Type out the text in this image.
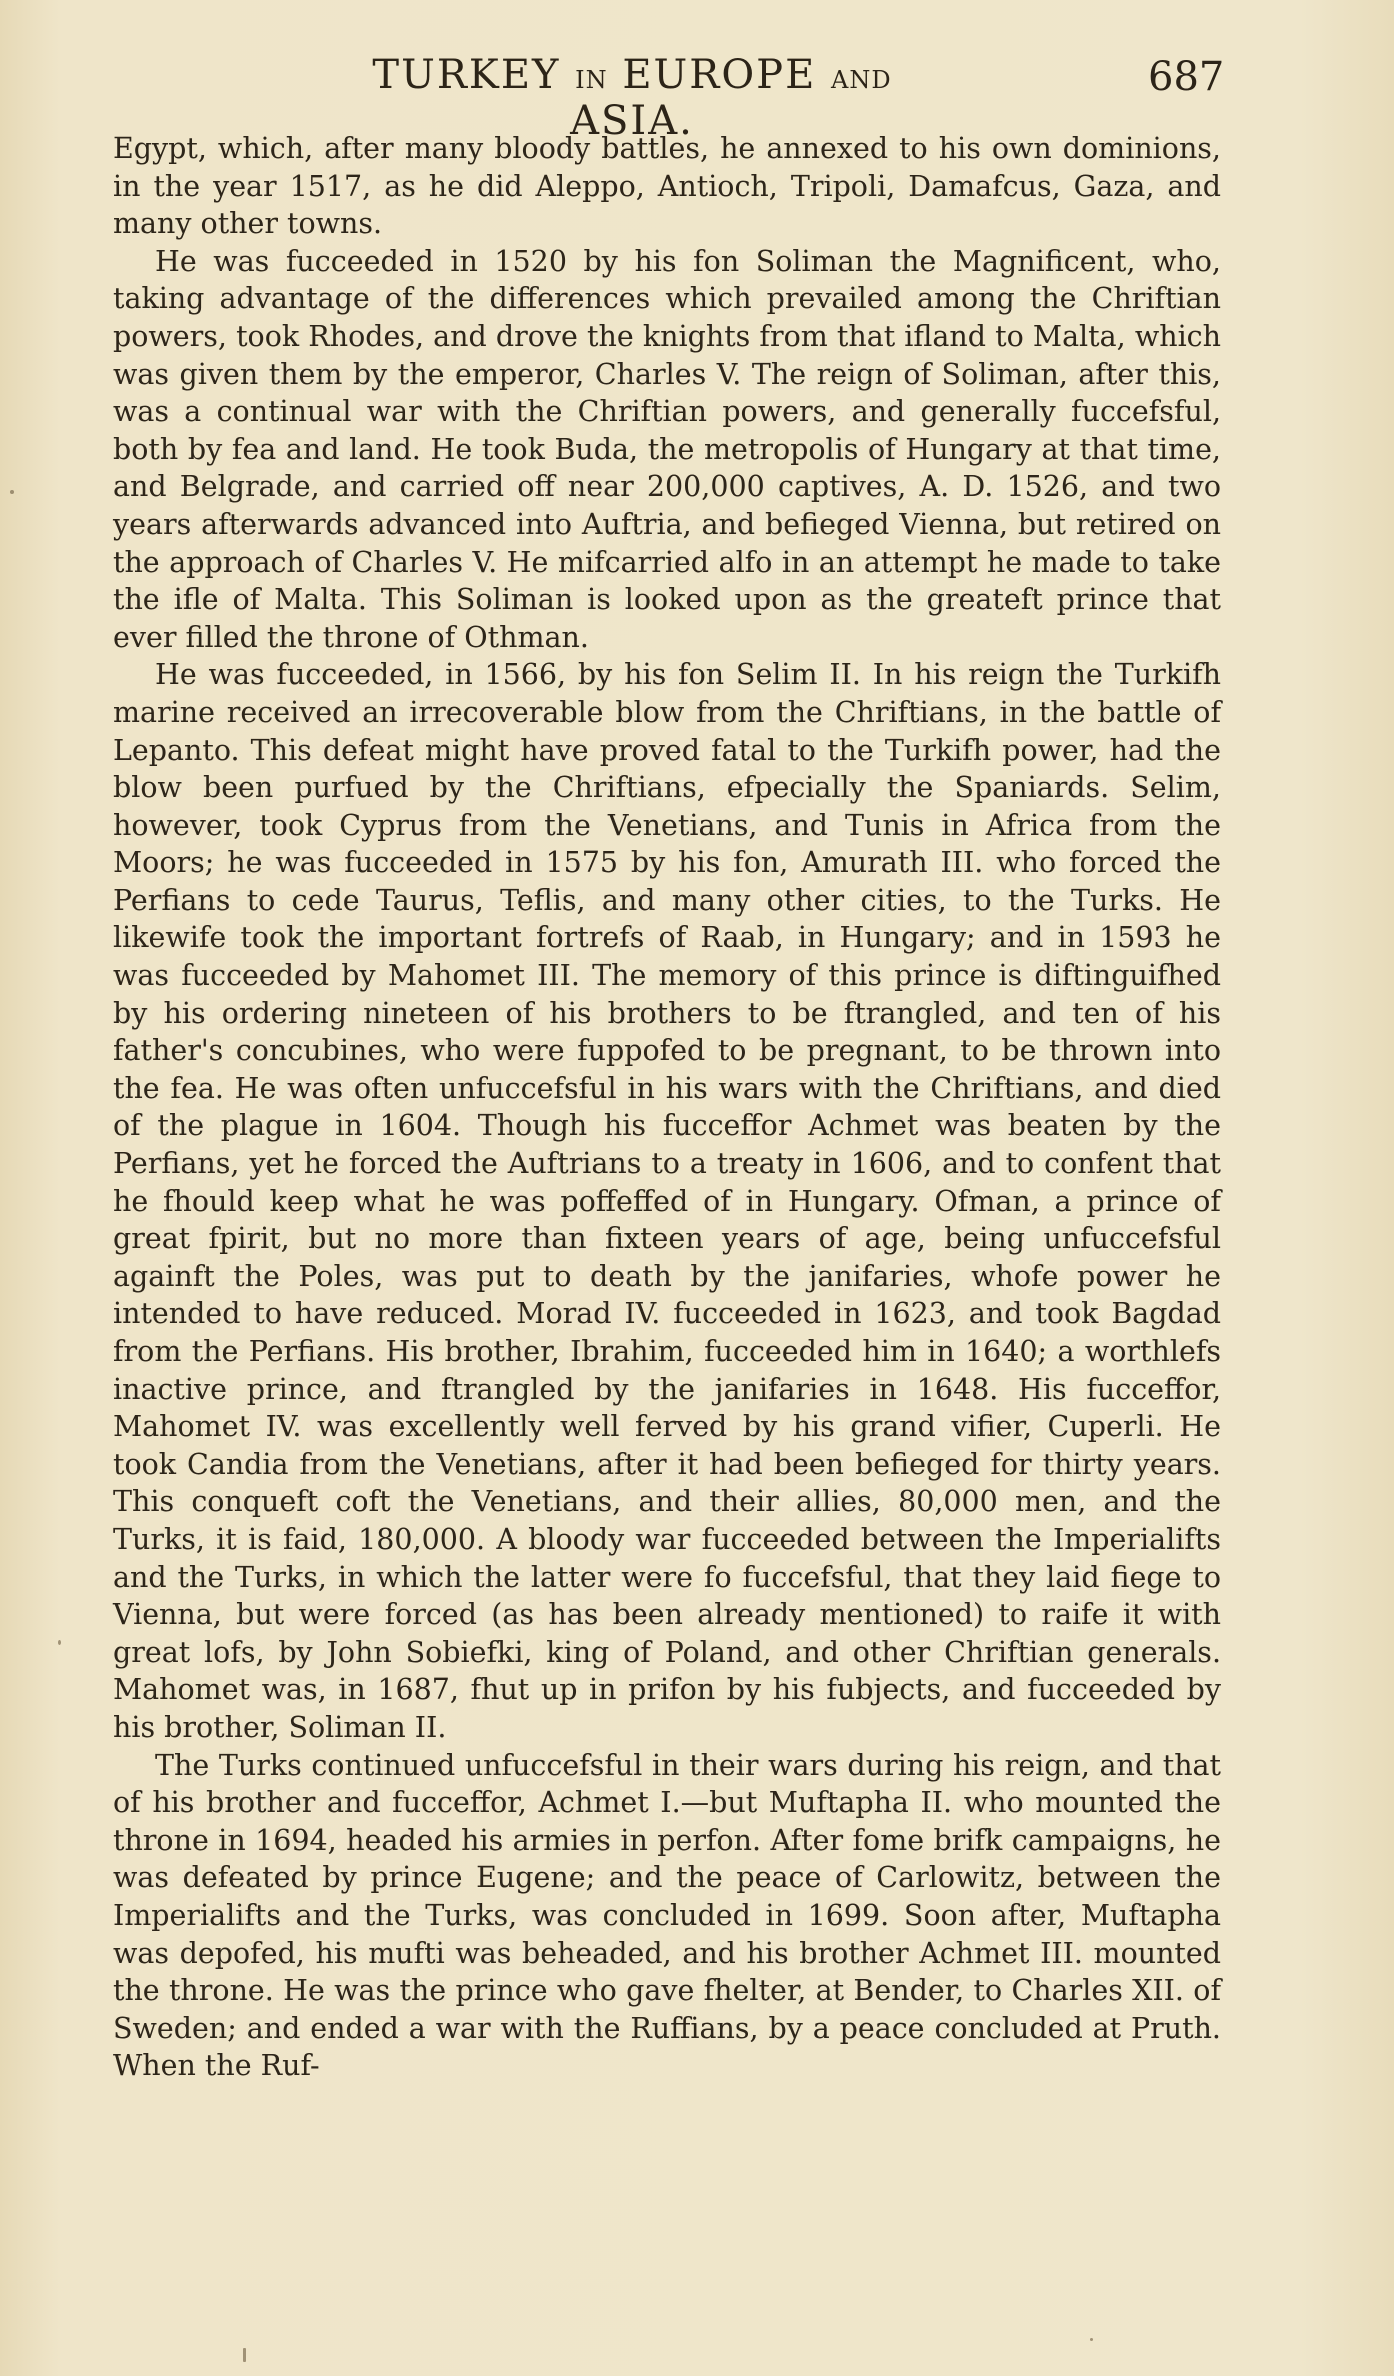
TURKEY IN EUROPE AND ASIA.
687

Egypt, which, after many bloody battles, he annexed to his own dominions, in the year 1517, as he did Aleppo, Antioch, Tripoli, Damafcus, Gaza, and many other towns.

He was fucceeded in 1520 by his fon Soliman the Magnificent, who, taking advantage of the differences which prevailed among the Chriftian powers, took Rhodes, and drove the knights from that ifland to Malta, which was given them by the emperor, Charles V. The reign of Soliman, after this, was a continual war with the Chriftian powers, and generally fuccefsful, both by fea and land. He took Buda, the metropolis of Hungary at that time, and Belgrade, and carried off near 200,000 captives, A. D. 1526, and two years afterwards advanced into Auftria, and befieged Vienna, but retired on the approach of Charles V. He mifcarried alfo in an attempt he made to take the ifle of Malta. This Soliman is looked upon as the greateft prince that ever filled the throne of Othman.

He was fucceeded, in 1566, by his fon Selim II. In his reign the Turkifh marine received an irrecoverable blow from the Chriftians, in the battle of Lepanto. This defeat might have proved fatal to the Turkifh power, had the blow been purfued by the Chriftians, efpecially the Spaniards. Selim, however, took Cyprus from the Venetians, and Tunis in Africa from the Moors; he was fucceeded in 1575 by his fon, Amurath III. who forced the Perfians to cede Taurus, Teflis, and many other cities, to the Turks. He likewife took the important fortrefs of Raab, in Hungary; and in 1593 he was fucceeded by Mahomet III. The memory of this prince is diftinguifhed by his ordering nineteen of his brothers to be ftrangled, and ten of his father's concubines, who were fuppofed to be pregnant, to be thrown into the fea. He was often unfuccefsful in his wars with the Chriftians, and died of the plague in 1604. Though his fucceffor Achmet was beaten by the Perfians, yet he forced the Auftrians to a treaty in 1606, and to confent that he fhould keep what he was poffeffed of in Hungary. Ofman, a prince of great fpirit, but no more than fixteen years of age, being unfuccefsful againft the Poles, was put to death by the janifaries, whofe power he intended to have reduced. Morad IV. fucceeded in 1623, and took Bagdad from the Perfians. His brother, Ibrahim, fucceeded him in 1640; a worthlefs inactive prince, and ftrangled by the janifaries in 1648. His fucceffor, Mahomet IV. was excellently well ferved by his grand vifier, Cuperli. He took Candia from the Venetians, after it had been befieged for thirty years. This conqueft coft the Venetians, and their allies, 80,000 men, and the Turks, it is faid, 180,000. A bloody war fucceeded between the Imperialifts and the Turks, in which the latter were fo fuccefsful, that they laid fiege to Vienna, but were forced (as has been already mentioned) to raife it with great lofs, by John Sobiefki, king of Poland, and other Chriftian generals. Mahomet was, in 1687, fhut up in prifon by his fubjects, and fucceeded by his brother, Soliman II.

The Turks continued unfuccefsful in their wars during his reign, and that of his brother and fucceffor, Achmet I.—but Muftapha II. who mounted the throne in 1694, headed his armies in perfon. After fome brifk campaigns, he was defeated by prince Eugene; and the peace of Carlowitz, between the Imperialifts and the Turks, was concluded in 1699. Soon after, Muftapha was depofed, his mufti was beheaded, and his brother Achmet III. mounted the throne. He was the prince who gave fhelter, at Bender, to Charles XII. of Sweden; and ended a war with the Ruffians, by a peace concluded at Pruth. When the Ruf-
